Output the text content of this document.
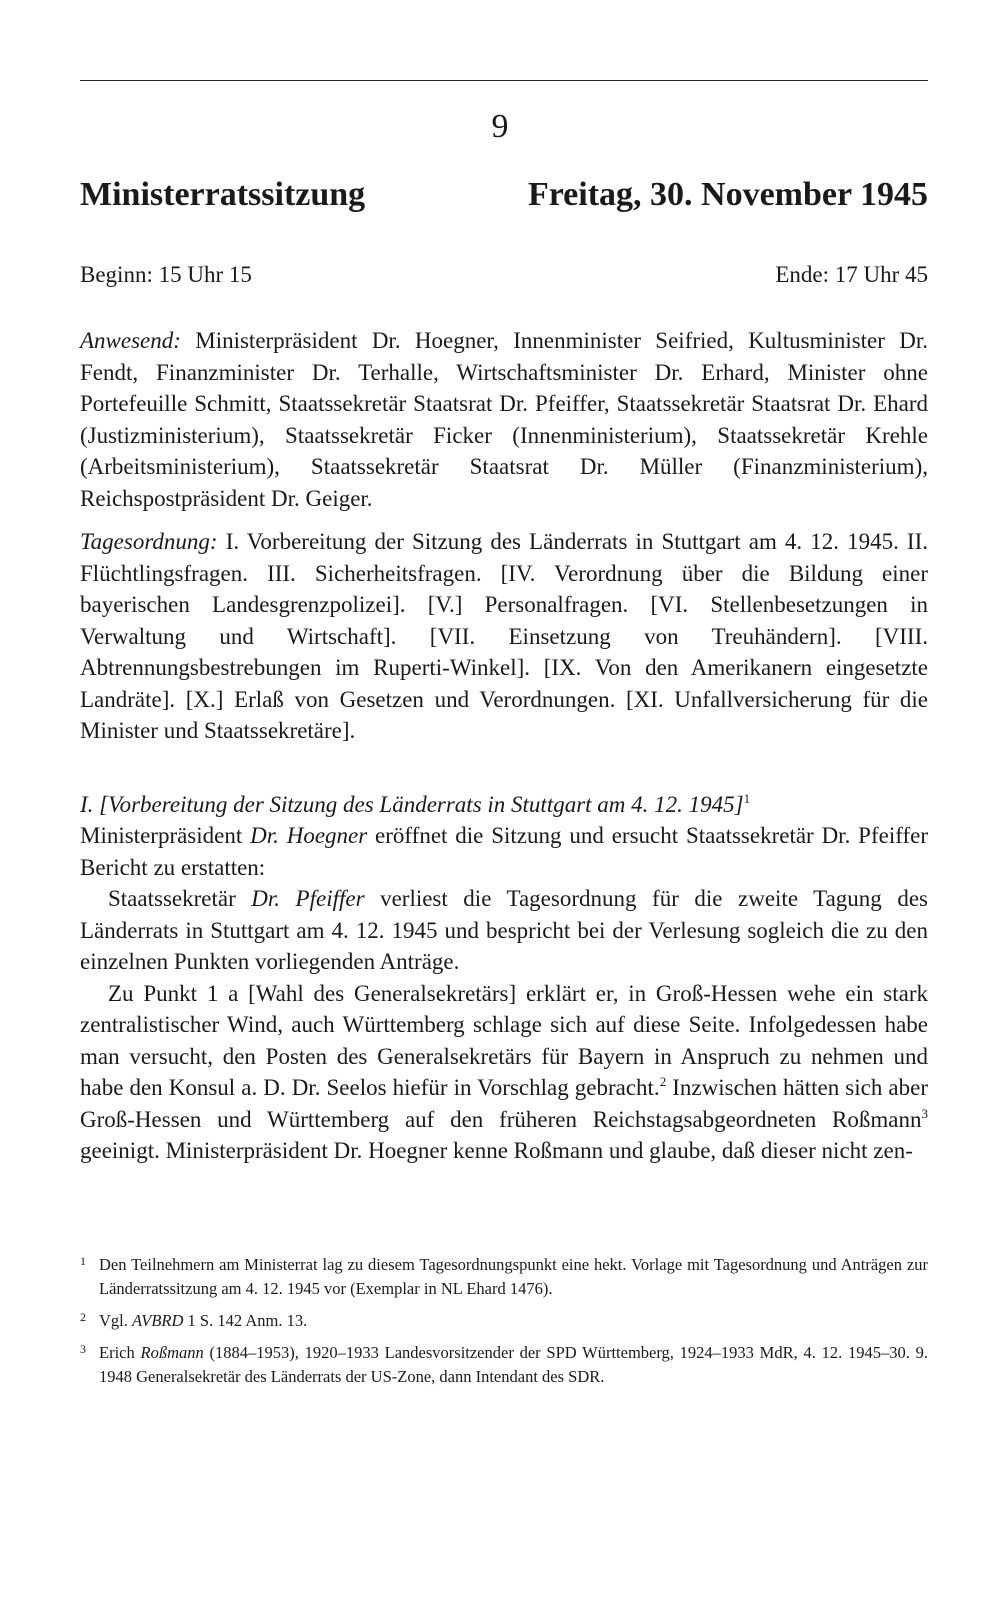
9
Ministerratssitzung	Freitag, 30. November 1945
Beginn: 15 Uhr 15	Ende: 17 Uhr 45

Anwesend: Ministerpräsident Dr. Hoegner, Innenminister Seifried, Kultusminister Dr. Fendt, Finanzminister Dr. Terhalle, Wirtschaftsminister Dr. Erhard, Minister ohne Portefeuille Schmitt, Staatssekretär Staatsrat Dr. Pfeiffer, Staatssekretär Staatsrat Dr. Ehard (Justizministerium), Staatssekretär Ficker (Innenministerium), Staatssekretär Krehle (Arbeitsministerium), Staatssekretär Staatsrat Dr. Müller (Finanzministerium), Reichspostpräsident Dr. Geiger.

Tagesordnung: I. Vorbereitung der Sitzung des Länderrats in Stuttgart am 4. 12. 1945. II. Flüchtlingsfragen. III. Sicherheitsfragen. [IV. Verordnung über die Bildung einer bayerischen Landesgrenzpolizei]. [V.] Personalfragen. [VI. Stellenbesetzungen in Verwaltung und Wirtschaft]. [VII. Einsetzung von Treuhändern]. [VIII. Abtrennungsbestrebungen im Ruperti-Winkel]. [IX. Von den Amerikanern eingesetzte Landräte]. [X.] Erlaß von Gesetzen und Verordnungen. [XI. Unfallversicherung für die Minister und Staatssekretäre].

I. [Vorbereitung der Sitzung des Länderrats in Stuttgart am 4. 12. 1945]$^1$

Ministerpräsident Dr. Hoegner eröffnet die Sitzung und ersucht Staatssekretär Dr. Pfeiffer Bericht zu erstatten:

Staatssekretär Dr. Pfeiffer verliest die Tagesordnung für die zweite Tagung des Länderrats in Stuttgart am 4. 12. 1945 und bespricht bei der Verlesung sogleich die zu den einzelnen Punkten vorliegenden Anträge.

Zu Punkt 1 a [Wahl des Generalsekretärs] erklärt er, in Groß-Hessen wehe ein stark zentralistischer Wind, auch Württemberg schlage sich auf diese Seite. Infolgedessen habe man versucht, den Posten des Generalsekretärs für Bayern in Anspruch zu nehmen und habe den Konsul a. D. Dr. Seelos hiefür in Vorschlag gebracht.$^2$ Inzwischen hätten sich aber Groß-Hessen und Württemberg auf den früheren Reichstagsabgeordneten Roßmann$^3$ geeinigt. Ministerpräsident Dr. Hoegner kenne Roßmann und glaube, daß dieser nicht zen-

1 Den Teilnehmern am Ministerrat lag zu diesem Tagesordnungspunkt eine hekt. Vorlage mit Tagesordnung und Anträgen zur Länderratssitzung am 4. 12. 1945 vor (Exemplar in NL Ehard 1476).

2 Vgl. AVBRD 1 S. 142 Anm. 13.

3 Erich Roßmann (1884–1953), 1920–1933 Landesvorsitzender der SPD Württemberg, 1924–1933 MdR, 4. 12. 1945–30. 9. 1948 Generalsekretär des Länderrats der US-Zone, dann Intendant des SDR.
